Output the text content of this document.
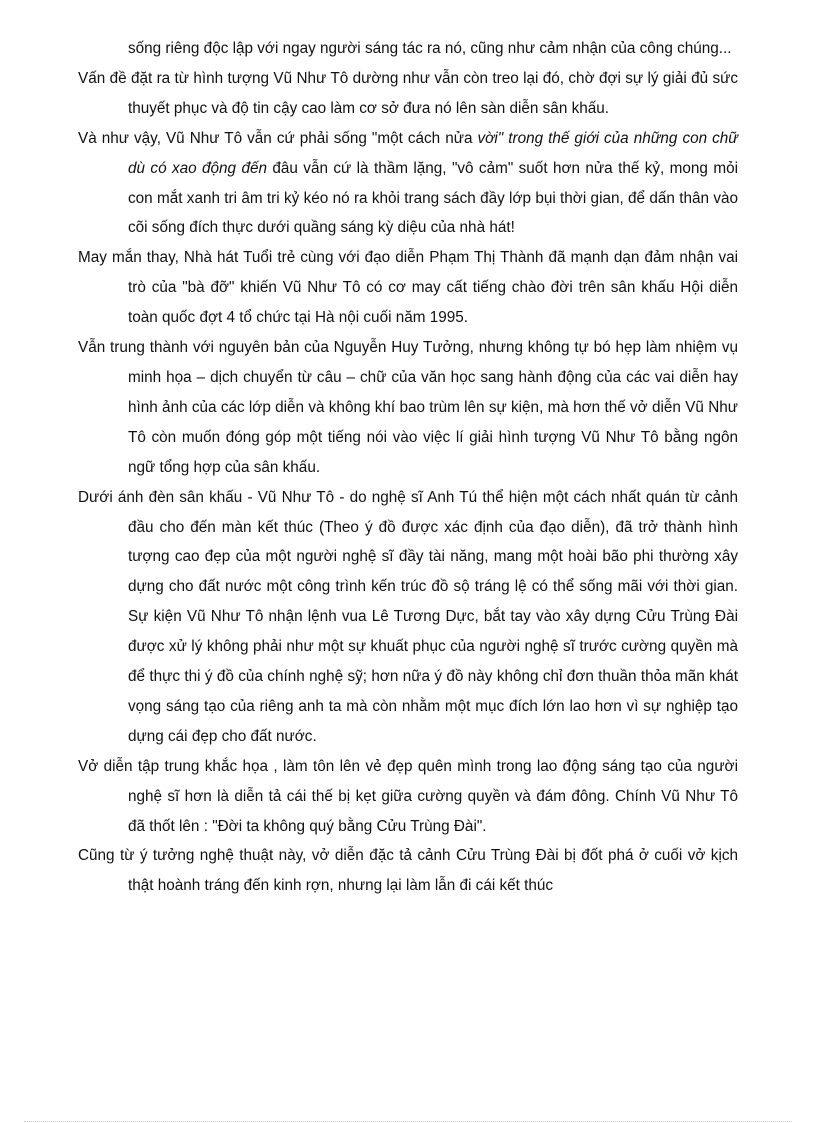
sống riêng độc lập với ngay người sáng tác ra nó, cũng như cảm nhận của công chúng...

Vấn đề đặt ra từ hình tượng Vũ Như Tô dường như vẫn còn treo lại đó, chờ đợi sự lý giải đủ sức thuyết phục và độ tin cậy cao làm cơ sở đưa nó lên sàn diễn sân khấu.

Và như vậy, Vũ Như Tô vẫn cứ phải sống "một cách nửa vời" trong thế giới của những con chữ dù có xao động đến đâu vẫn cứ là thầm lặng, "vô cảm" suốt hơn nửa thế kỷ, mong mỏi con mắt xanh tri âm tri kỷ kéo nó ra khỏi trang sách đầy lớp bụi thời gian, để dấn thân vào cõi sống đích thực dưới quầng sáng kỳ diệu của nhà hát!

May mắn thay, Nhà hát Tuổi trẻ cùng với đạo diễn Phạm Thị Thành đã mạnh dạn đảm nhận vai trò của "bà đỡ" khiến Vũ Như Tô có cơ may cất tiếng chào đời trên sân khấu Hội diễn toàn quốc đợt 4 tổ chức tại Hà nội cuối năm 1995.

Vẫn trung thành với nguyên bản của Nguyễn Huy Tưởng, nhưng không tự bó hẹp làm nhiệm vụ minh họa – dịch chuyển từ câu – chữ của văn học sang hành động của các vai diễn hay hình ảnh của các lớp diễn và không khí bao trùm lên sự kiện, mà hơn thế vở diễn Vũ Như Tô còn muốn đóng góp một tiếng nói vào việc lí giải hình tượng Vũ Như Tô bằng ngôn ngữ tổng hợp của sân khấu.

Dưới ánh đèn sân khấu - Vũ Như Tô - do nghệ sĩ Anh Tú thể hiện một cách nhất quán từ cảnh đầu cho đến màn kết thúc (Theo ý đồ được xác định của đạo diễn), đã trở thành hình tượng cao đẹp của một người nghệ sĩ đầy tài năng, mang một hoài bão phi thường xây dựng cho đất nước một công trình kến trúc đồ sộ tráng lệ có thể sống mãi với thời gian. Sự kiện Vũ Như Tô nhận lệnh vua Lê Tương Dực, bắt tay vào xây dựng Cửu Trùng Đài được xử lý không phải như một sự khuất phục của người nghệ sĩ trước cường quyền mà để thực thi ý đồ của chính nghệ sỹ; hơn nữa ý đồ này không chỉ đơn thuần thỏa mãn khát vọng sáng tạo của riêng anh ta mà còn nhằm một mục đích lớn lao hơn vì sự nghiệp tạo dựng cái đẹp cho đất nước.

Vở diễn tập trung khắc họa , làm tôn lên vẻ đẹp quên mình trong lao động sáng tạo của người nghệ sĩ hơn là diễn tả cái thế bị kẹt giữa cường quyền và đám đông. Chính Vũ Như Tô đã thốt lên : "Đời ta không quý bằng Cửu Trùng Đài".

Cũng từ ý tưởng nghệ thuật này, vở diễn đặc tả cảnh Cửu Trùng Đài bị đốt phá ở cuối vở kịch thật hoành tráng đến kinh rợn, nhưng lại làm lẫn đi cái kết thúc
